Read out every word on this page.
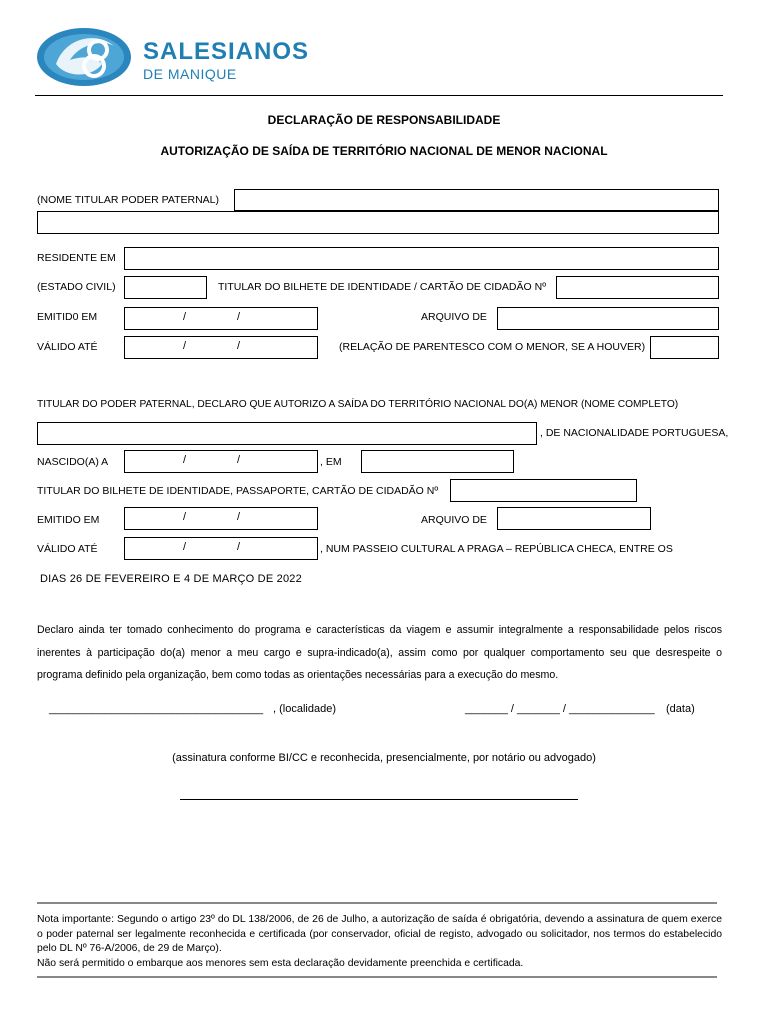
SALESIANOS
DE MANIQUE
DECLARAÇÃO DE RESPONSABILIDADE
AUTORIZAÇÃO DE SAÍDA DE TERRITÓRIO NACIONAL DE MENOR NACIONAL
(NOME TITULAR PODER PATERNAL)
RESIDENTE EM
(ESTADO CIVIL)	TITULAR DO BILHETE DE IDENTIDADE / CARTÃO DE CIDADÃO Nº
EMITID0 EM	/	/	ARQUIVO DE
VÁLIDO ATÉ	/	/	(RELAÇÃO DE PARENTESCO COM O MENOR, SE A HOUVER)
TITULAR DO PODER PATERNAL, DECLARO QUE AUTORIZO A SAÍDA DO TERRITÓRIO NACIONAL DO(A) MENOR (NOME COMPLETO)
, DE NACIONALIDADE PORTUGUESA,
NASCIDO(A) A	/	/	, EM
TITULAR DO BILHETE DE IDENTIDADE, PASSAPORTE, CARTÃO DE CIDADÃO Nº
EMITIDO EM	/	/	ARQUIVO DE
VÁLIDO ATÉ	/	/	, NUM PASSEIO CULTURAL A PRAGA – REPÚBLICA CHECA, ENTRE OS
DIAS 26 DE FEVEREIRO E 4 DE MARÇO DE 2022
Declaro ainda ter tomado conhecimento do programa e características da viagem e assumir integralmente a responsabilidade pelos riscos inerentes à participação do(a) menor a meu cargo e supra-indicado(a), assim como por qualquer comportamento seu que desrespeite o programa definido pela organização, bem como todas as orientações necessárias para a execução do mesmo.
___________________________________ , (localidade)	_______ / _______ / ______________ (data)
(assinatura conforme BI/CC e reconhecida, presencialmente, por notário ou advogado)
Nota importante: Segundo o artigo 23º do DL 138/2006, de 26 de Julho, a autorização de saída é obrigatória, devendo a assinatura de quem exerce o poder paternal ser legalmente reconhecida e certificada (por conservador, oficial de registo, advogado ou solicitador, nos termos do estabelecido pelo DL Nº 76-A/2006, de 29 de Março).
Não será permitido o embarque aos menores sem esta declaração devidamente preenchida e certificada.
